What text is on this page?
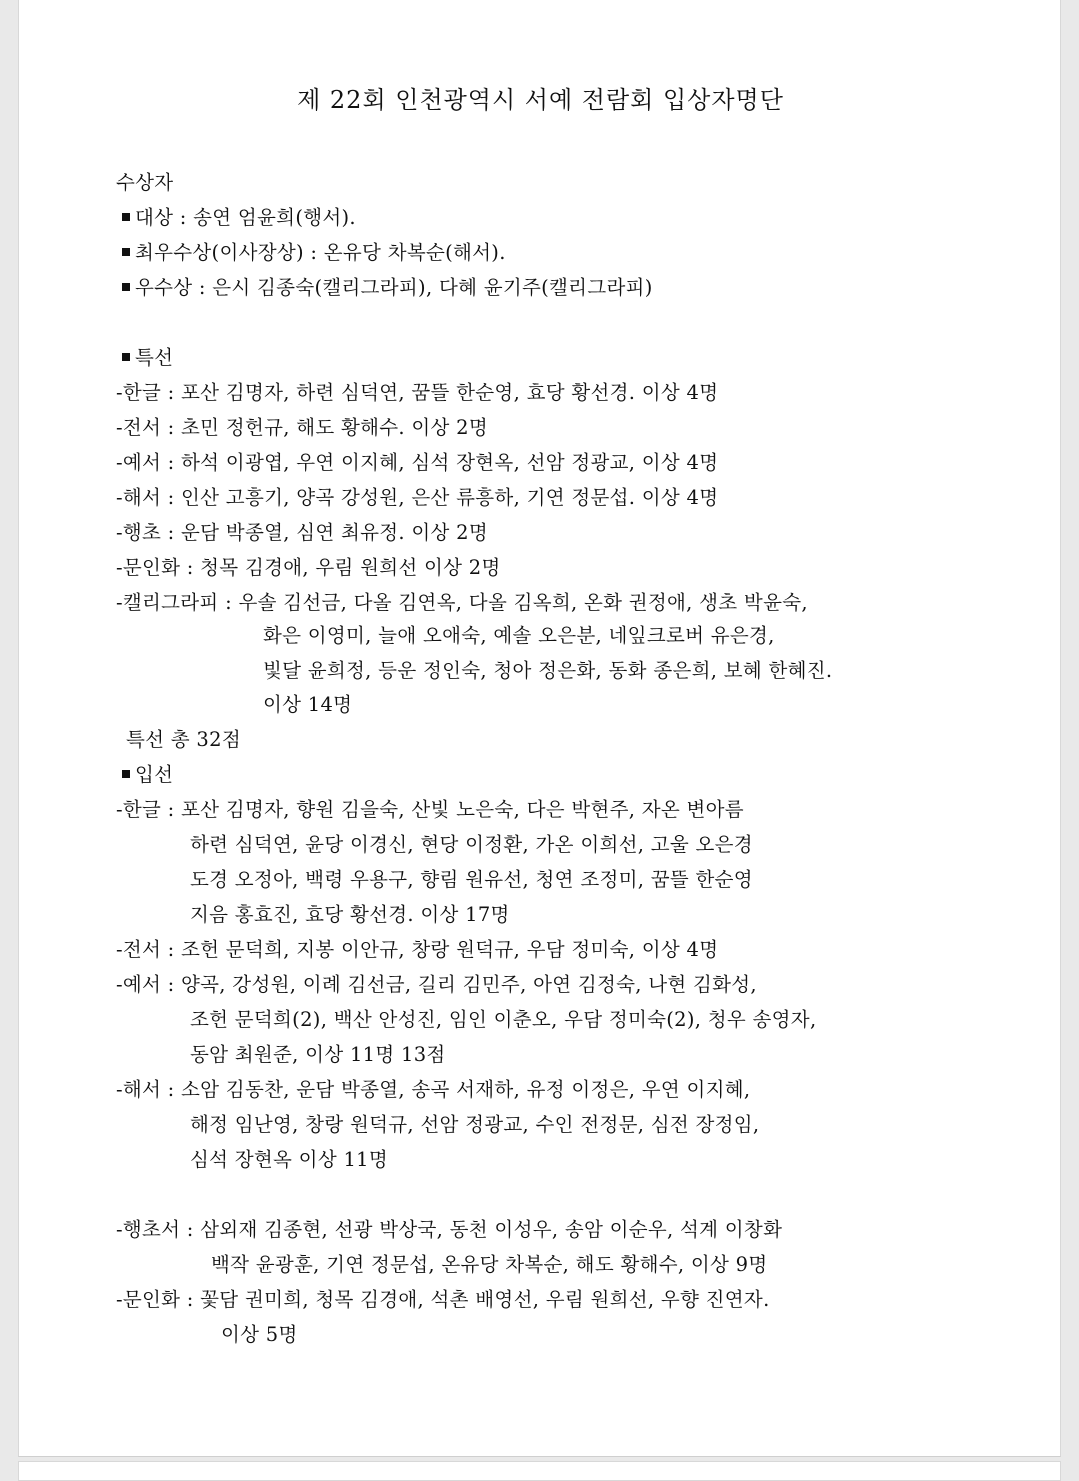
제 22회 인천광역시 서예 전람회 입상자명단
수상자
대상 : 송연 엄윤희(행서).
최우수상(이사장상) : 온유당 차복순(해서).
우수상 : 은시 김종숙(캘리그라피), 다혜 윤기주(캘리그라피)
특선
-한글 : 포산 김명자, 하련 심덕연, 꿈뜰 한순영, 효당 황선경. 이상 4명
-전서 : 초민 정헌규, 해도 황해수. 이상 2명
-예서 : 하석 이광엽, 우연 이지혜, 심석 장현옥, 선암 정광교, 이상 4명
-해서 : 인산 고흥기, 양곡 강성원, 은산 류흥하, 기연 정문섭. 이상 4명
-행초 : 운담 박종열, 심연 최유정. 이상 2명
-문인화 : 청목 김경애, 우림 원희선 이상 2명
-캘리그라피 : 우솔 김선금, 다올 김연옥, 다올 김옥희, 온화 권정애, 생초 박윤숙,
화은 이영미, 늘애 오애숙, 예솔 오은분, 네잎크로버 유은경,
빛달 윤희정, 등운 정인숙, 청아 정은화, 동화 종은희, 보혜 한혜진.
이상 14명
특선 총 32점
입선
-한글 : 포산 김명자, 향원 김을숙, 산빛 노은숙, 다은 박현주, 자온 변아름
하련 심덕연, 윤당 이경신, 현당 이정환, 가온 이희선, 고울 오은경
도경 오정아, 백령 우용구, 향림 원유선, 청연 조정미, 꿈뜰 한순영
지음 홍효진, 효당 황선경. 이상 17명
-전서 : 조헌 문덕희, 지봉 이안규, 창랑 원덕규, 우담 정미숙, 이상 4명
-예서 : 양곡, 강성원, 이례 김선금, 길리 김민주, 아연 김정숙, 나현 김화성,
조헌 문덕희(2), 백산 안성진, 임인 이춘오, 우담 정미숙(2), 청우 송영자,
동암 최원준, 이상 11명 13점
-해서 : 소암 김동찬, 운담 박종열, 송곡 서재하, 유정 이정은, 우연 이지혜,
해정 임난영, 창랑 원덕규, 선암 정광교, 수인 전정문, 심전 장정임,
심석 장현옥 이상 11명
-행초서 : 삼외재 김종현, 선광 박상국, 동천 이성우, 송암 이순우, 석계 이창화
백작 윤광훈, 기연 정문섭, 온유당 차복순, 해도 황해수, 이상 9명
-문인화 : 꽃담 권미희, 청목 김경애, 석촌 배영선, 우림 원희선, 우향 진연자.
이상 5명
